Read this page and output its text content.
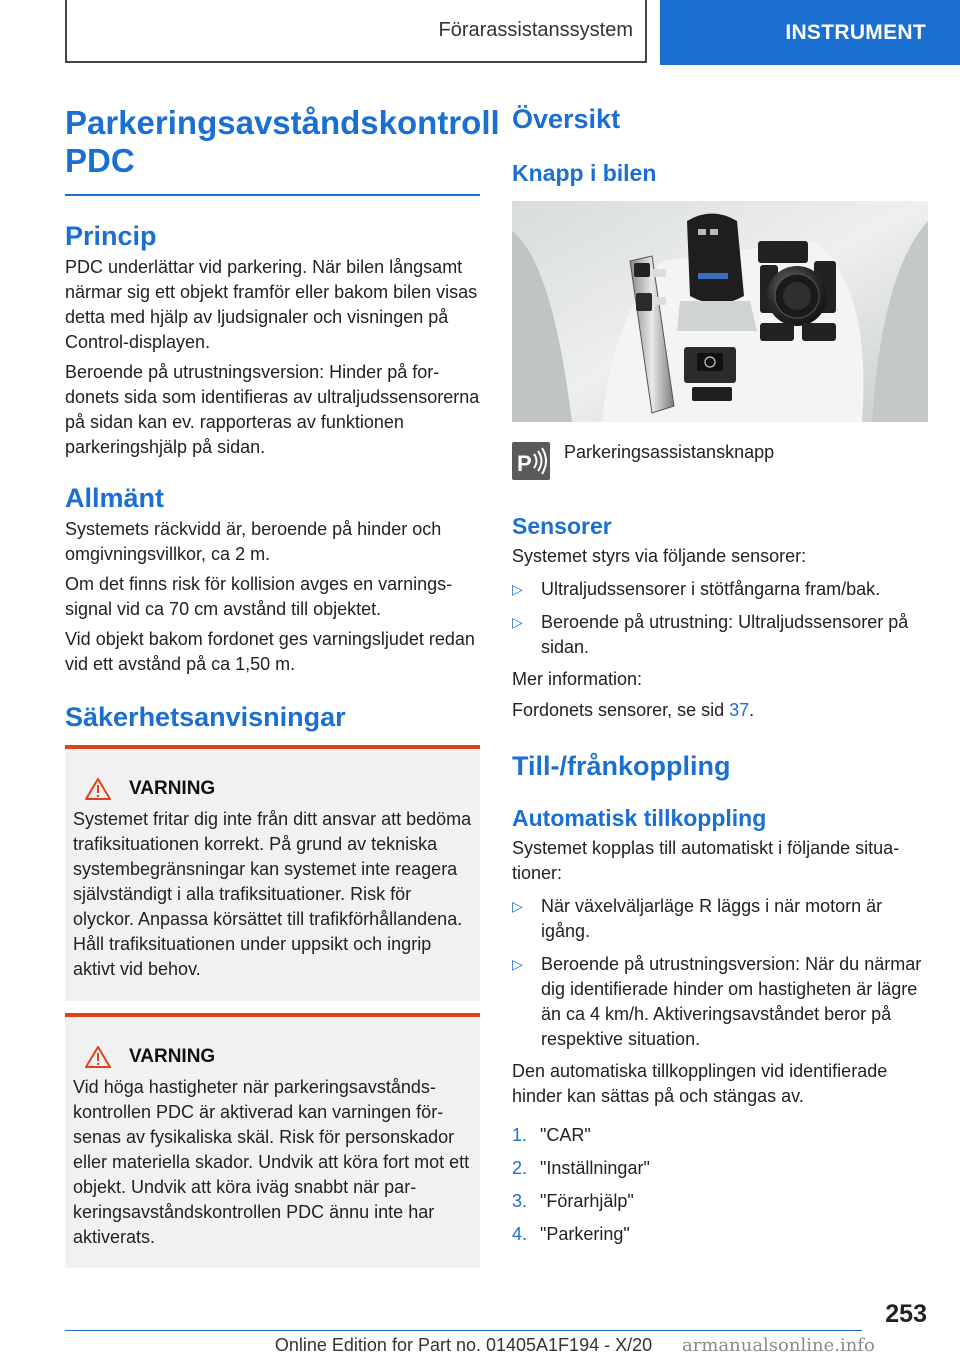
Förarassistanssystem	INSTRUMENT
Parkeringsavståndskontroll
PDC
Princip

PDC underlättar vid parkering. När bilen långsamt närmar sig ett objekt framför eller bakom bilen visas detta med hjälp av ljudsignaler och visningen på Control-displayen.

Beroende på utrustningsversion: Hinder på fordonets sida som identifieras av ultraljudssensorerna på sidan kan ev. rapporteras av funktionen parkeringshjälp på sidan.

Allmänt

Systemets räckvidd är, beroende på hinder och omgivningsvillkor, ca 2 m.

Om det finns risk för kollision avges en varningssignal vid ca 70 cm avstånd till objektet.

Vid objekt bakom fordonet ges varningsljudet redan vid ett avstånd på ca 1,50 m.

Säkerhetsanvisningar
VARNING

Systemet fritar dig inte från ditt ansvar att bedöma trafiksituationen korrekt. På grund av tekniska systembegränsningar kan systemet inte reagera självständigt i alla trafiksituationer. Risk för olyckor. Anpassa körsättet till trafikförhållandena. Håll trafiksituationen under uppsikt och ingrip aktivt vid behov.

VARNING

Vid höga hastigheter när parkeringsavståndskontrollen PDC är aktiverad kan varningen försenas av fysikaliska skäl. Risk för personskador eller materiella skador. Undvik att köra fort mot ett objekt. Undvik att köra iväg snabbt när parkeringsavståndskontrollen PDC ännu inte har aktiverats.

Översikt
Knapp i bilen
P Parkeringsassistansknapp
Sensorer

Systemet styrs via följande sensorer:

▷	Ultraljudssensorer i stötfångarna fram/bak.
▷	Beroende på utrustning: Ultraljudssensorer på sidan.

Mer information:

Fordonets sensorer, se sid 37.

Till-/frånkoppling
Automatisk tillkoppling

Systemet kopplas till automatiskt i följande situationer:

▷	När växelväljarläge R läggs i när motorn är igång.
▷	Beroende på utrustningsversion: När du närmar dig identifierade hinder om hastigheten är lägre än ca 4 km/h. Aktiveringsavståndet beror på respektive situation.

Den automatiska tillkopplingen vid identifierade hinder kan sättas på och stängas av.

1. "CAR"
2. "Inställningar"
3. "Förarhjälp"
4. "Parkering"
253
Online Edition for Part no. 01405A1F194 - X/20	armanualsonline.info
